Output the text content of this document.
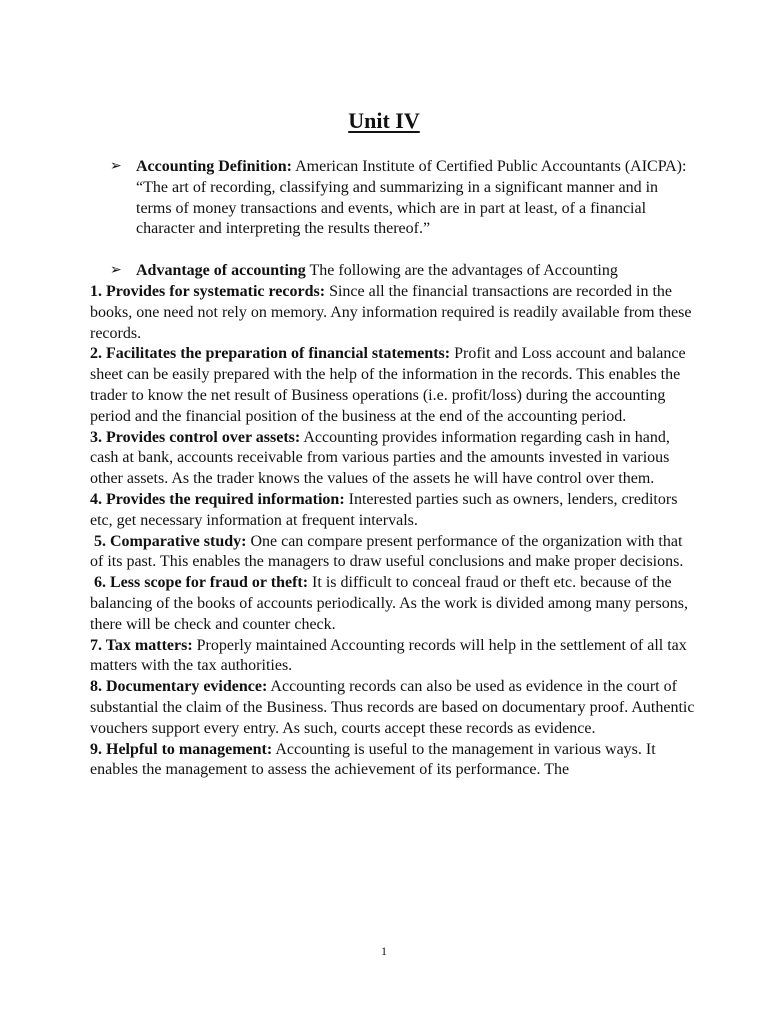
Unit IV
➢ Accounting Definition: American Institute of Certified Public Accountants (AICPA): “The art of recording, classifying and summarizing in a significant manner and in terms of money transactions and events, which are in part at least, of a financial character and interpreting the results thereof.”
➢ Advantage of accounting The following are the advantages of Accounting

1. Provides for systematic records: Since all the financial transactions are recorded in the books, one need not rely on memory. Any information required is readily available from these records.

2. Facilitates the preparation of financial statements: Profit and Loss account and balance sheet can be easily prepared with the help of the information in the records. This enables the trader to know the net result of Business operations (i.e. profit/loss) during the accounting period and the financial position of the business at the end of the accounting period.

3. Provides control over assets: Accounting provides information regarding cash in hand, cash at bank, accounts receivable from various parties and the amounts invested in various other assets. As the trader knows the values of the assets he will have control over them.

4. Provides the required information: Interested parties such as owners, lenders, creditors etc, get necessary information at frequent intervals.

5. Comparative study: One can compare present performance of the organization with that of its past. This enables the managers to draw useful conclusions and make proper decisions.

6. Less scope for fraud or theft: It is difficult to conceal fraud or theft etc. because of the balancing of the books of accounts periodically. As the work is divided among many persons, there will be check and counter check.

7. Tax matters: Properly maintained Accounting records will help in the settlement of all tax matters with the tax authorities.

8. Documentary evidence: Accounting records can also be used as evidence in the court of substantial the claim of the Business. Thus records are based on documentary proof. Authentic vouchers support every entry. As such, courts accept these records as evidence.

9. Helpful to management: Accounting is useful to the management in various ways. It enables the management to assess the achievement of its performance. The

1
